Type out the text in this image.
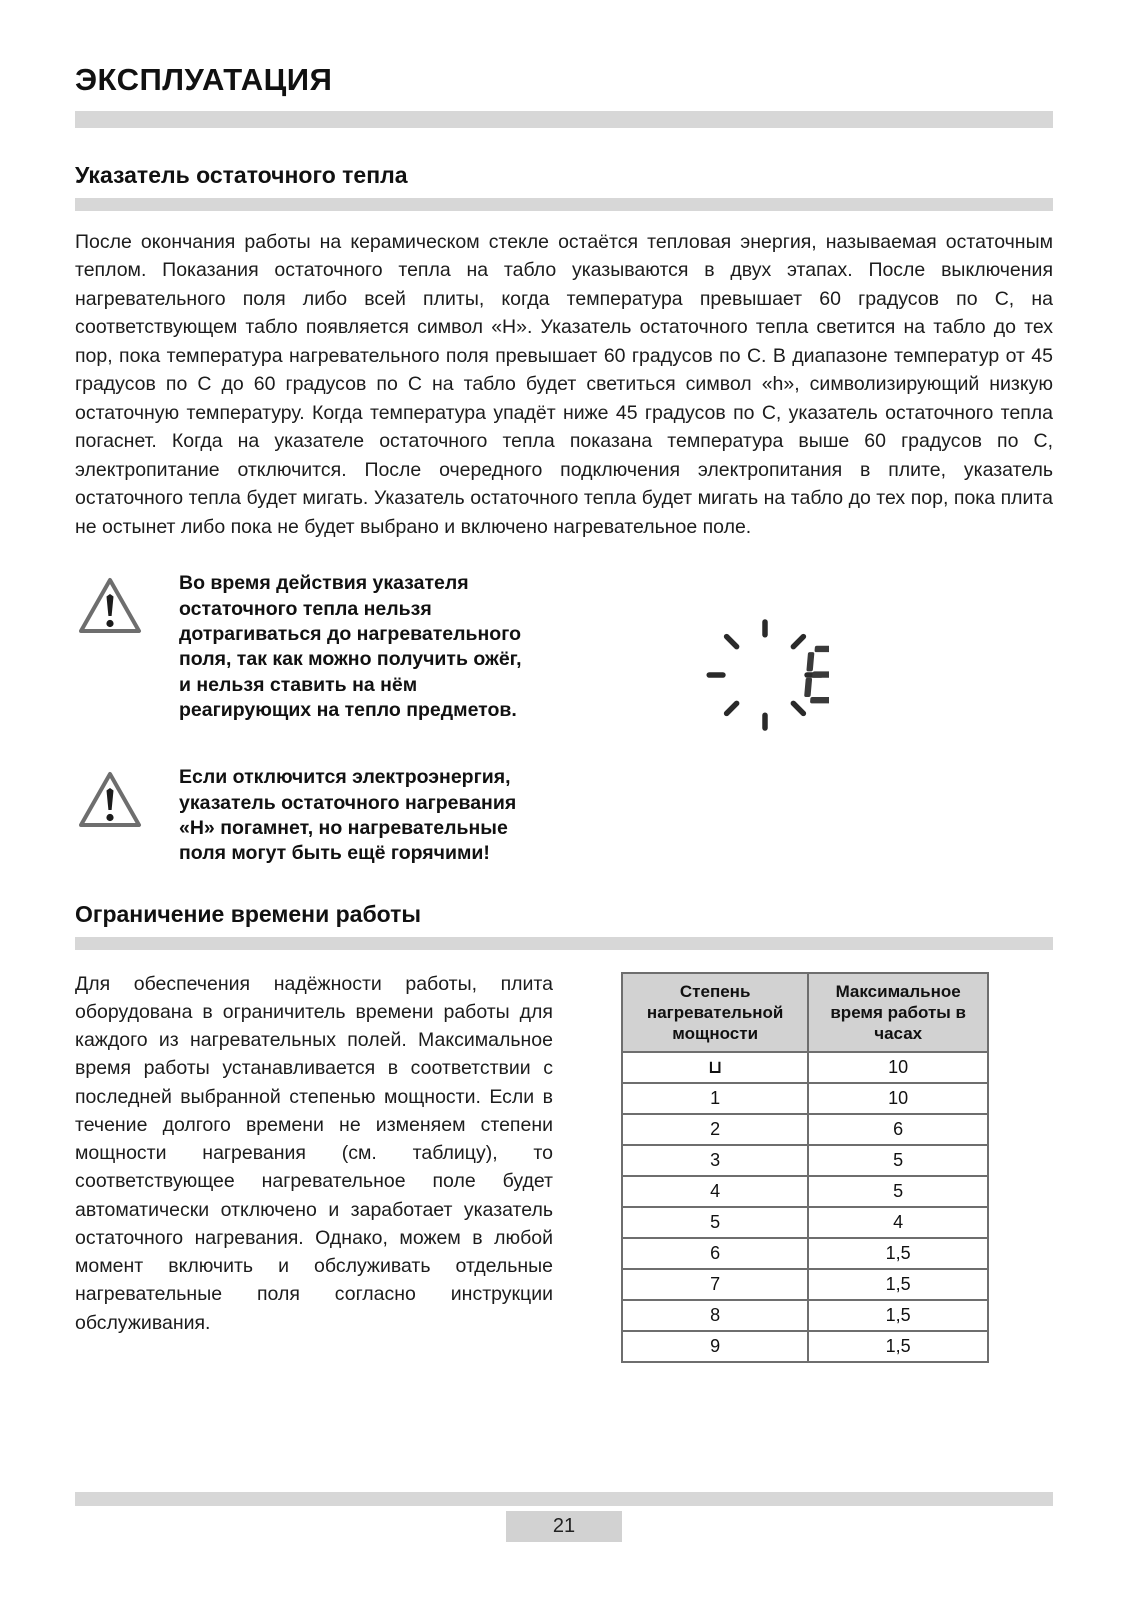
ЭКСПЛУАТАЦИЯ
Указатель остаточного тепла
После окончания работы на керамическом стекле остаётся тепловая энергия, называемая остаточным теплом. Показания остаточного тепла на табло указываются в двух этапах. После выключения нагревательного поля либо всей плиты, когда температура превышает 60 градусов по С, на соответствующем табло появляется символ «Н». Указатель остаточного тепла светится на табло до тех пор, пока температура нагревательного поля превышает 60 градусов по С. В диапазоне температур от 45 градусов по С до 60 градусов по С на табло будет светиться символ «h», символизирующий низкую остаточную температуру. Когда температура упадёт ниже 45 градусов по С, указатель остаточного тепла погаснет. Когда на указателе остаточного тепла показана температура выше 60 градусов по С, электропитание отключится. После очередного подключения электропитания в плите, указатель остаточного тепла будет мигать. Указатель остаточного тепла будет мигать на табло до тех пор, пока плита не остынет либо пока не будет выбрано и включено нагревательное поле.
Во время действия указателя остаточного тепла нельзя дотрагиваться до нагревательного поля, так как можно получить ожёг, и нельзя ставить на нём реагирующих на тепло предметов.
Если отключится электроэнергия, указатель остаточного нагревания «Н» погамнет, но нагревательные поля могут быть ещё горячими!
Ограничение времени работы
Для обеспечения надёжности работы, плита оборудована в ограничитель времени работы для каждого из нагревательных полей. Максимальное время работы устанавливается в соответствии с последней выбранной степенью мощности. Если в течение долгого времени не изменяем степени мощности нагревания (см. таблицу), то соответствующее нагревательное поле будет автоматически отключено и заработает указатель остаточного нагревания. Однако, можем в любой момент включить и обслуживать отдельные нагревательные поля согласно инструкции обслуживания.
Степень нагревательной мощности	Максимальное время работы в часах
⊔	10
1	10
2	6
3	5
4	5
5	4
6	1,5
7	1,5
8	1,5
9	1,5
21
